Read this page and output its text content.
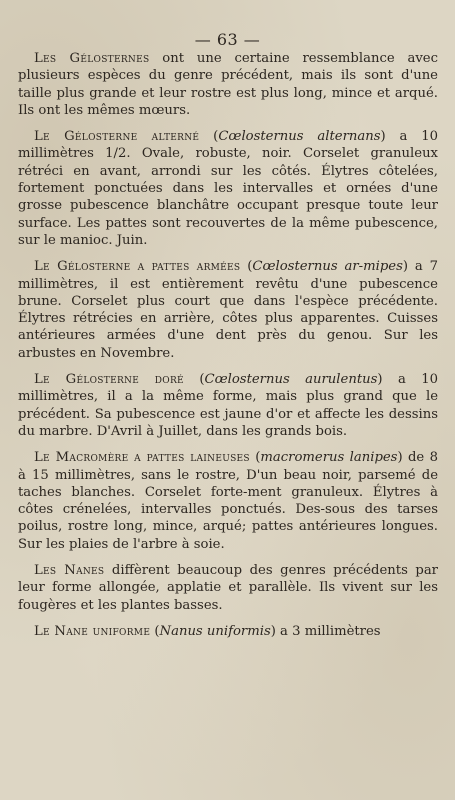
— 63 —

Les Gélosternes ont une certaine ressemblance avec plusieurs espèces du genre précédent, mais ils sont d'une taille plus grande et leur rostre est plus long, mince et arqué. Ils ont les mêmes mœurs.

Le Gélosterne alterné (Cœlosternus alternans) a 10 millimètres 1/2. Ovale, robuste, noir. Corselet granuleux rétréci en avant, arrondi sur les côtés. Élytres côtelées, fortement ponctuées dans les intervalles et ornées d'une grosse pubescence blanchâtre occupant presque toute leur surface. Les pattes sont recouvertes de la même pubescence, sur le manioc. Juin.

Le Gélosterne a pattes armées (Cœlosternus ar-mipes) a 7 millimètres, il est entièrement revêtu d'une pubescence brune. Corselet plus court que dans l'espèce précédente. Élytres rétrécies en arrière, côtes plus apparentes. Cuisses antérieures armées d'une dent près du genou. Sur les arbustes en Novembre.

Le Gélosterne doré (Cœlosternus aurulentus) a 10 millimètres, il a la même forme, mais plus grand que le précédent. Sa pubescence est jaune d'or et affecte les dessins du marbre. D'Avril à Juillet, dans les grands bois.

Le Macromère a pattes laineuses (macromerus lanipes) de 8 à 15 millimètres, sans le rostre, D'un beau noir, parsemé de taches blanches. Corselet forte-ment granuleux. Élytres à côtes crénelées, intervalles ponctués. Des-sous des tarses poilus, rostre long, mince, arqué; pattes antérieures longues. Sur les plaies de l'arbre à soie.

Les Nanes diffèrent beaucoup des genres précédents par leur forme allongée, applatie et parallèle. Ils vivent sur les fougères et les plantes basses.

Le Nane uniforme (Nanus uniformis) a 3 millimètres
